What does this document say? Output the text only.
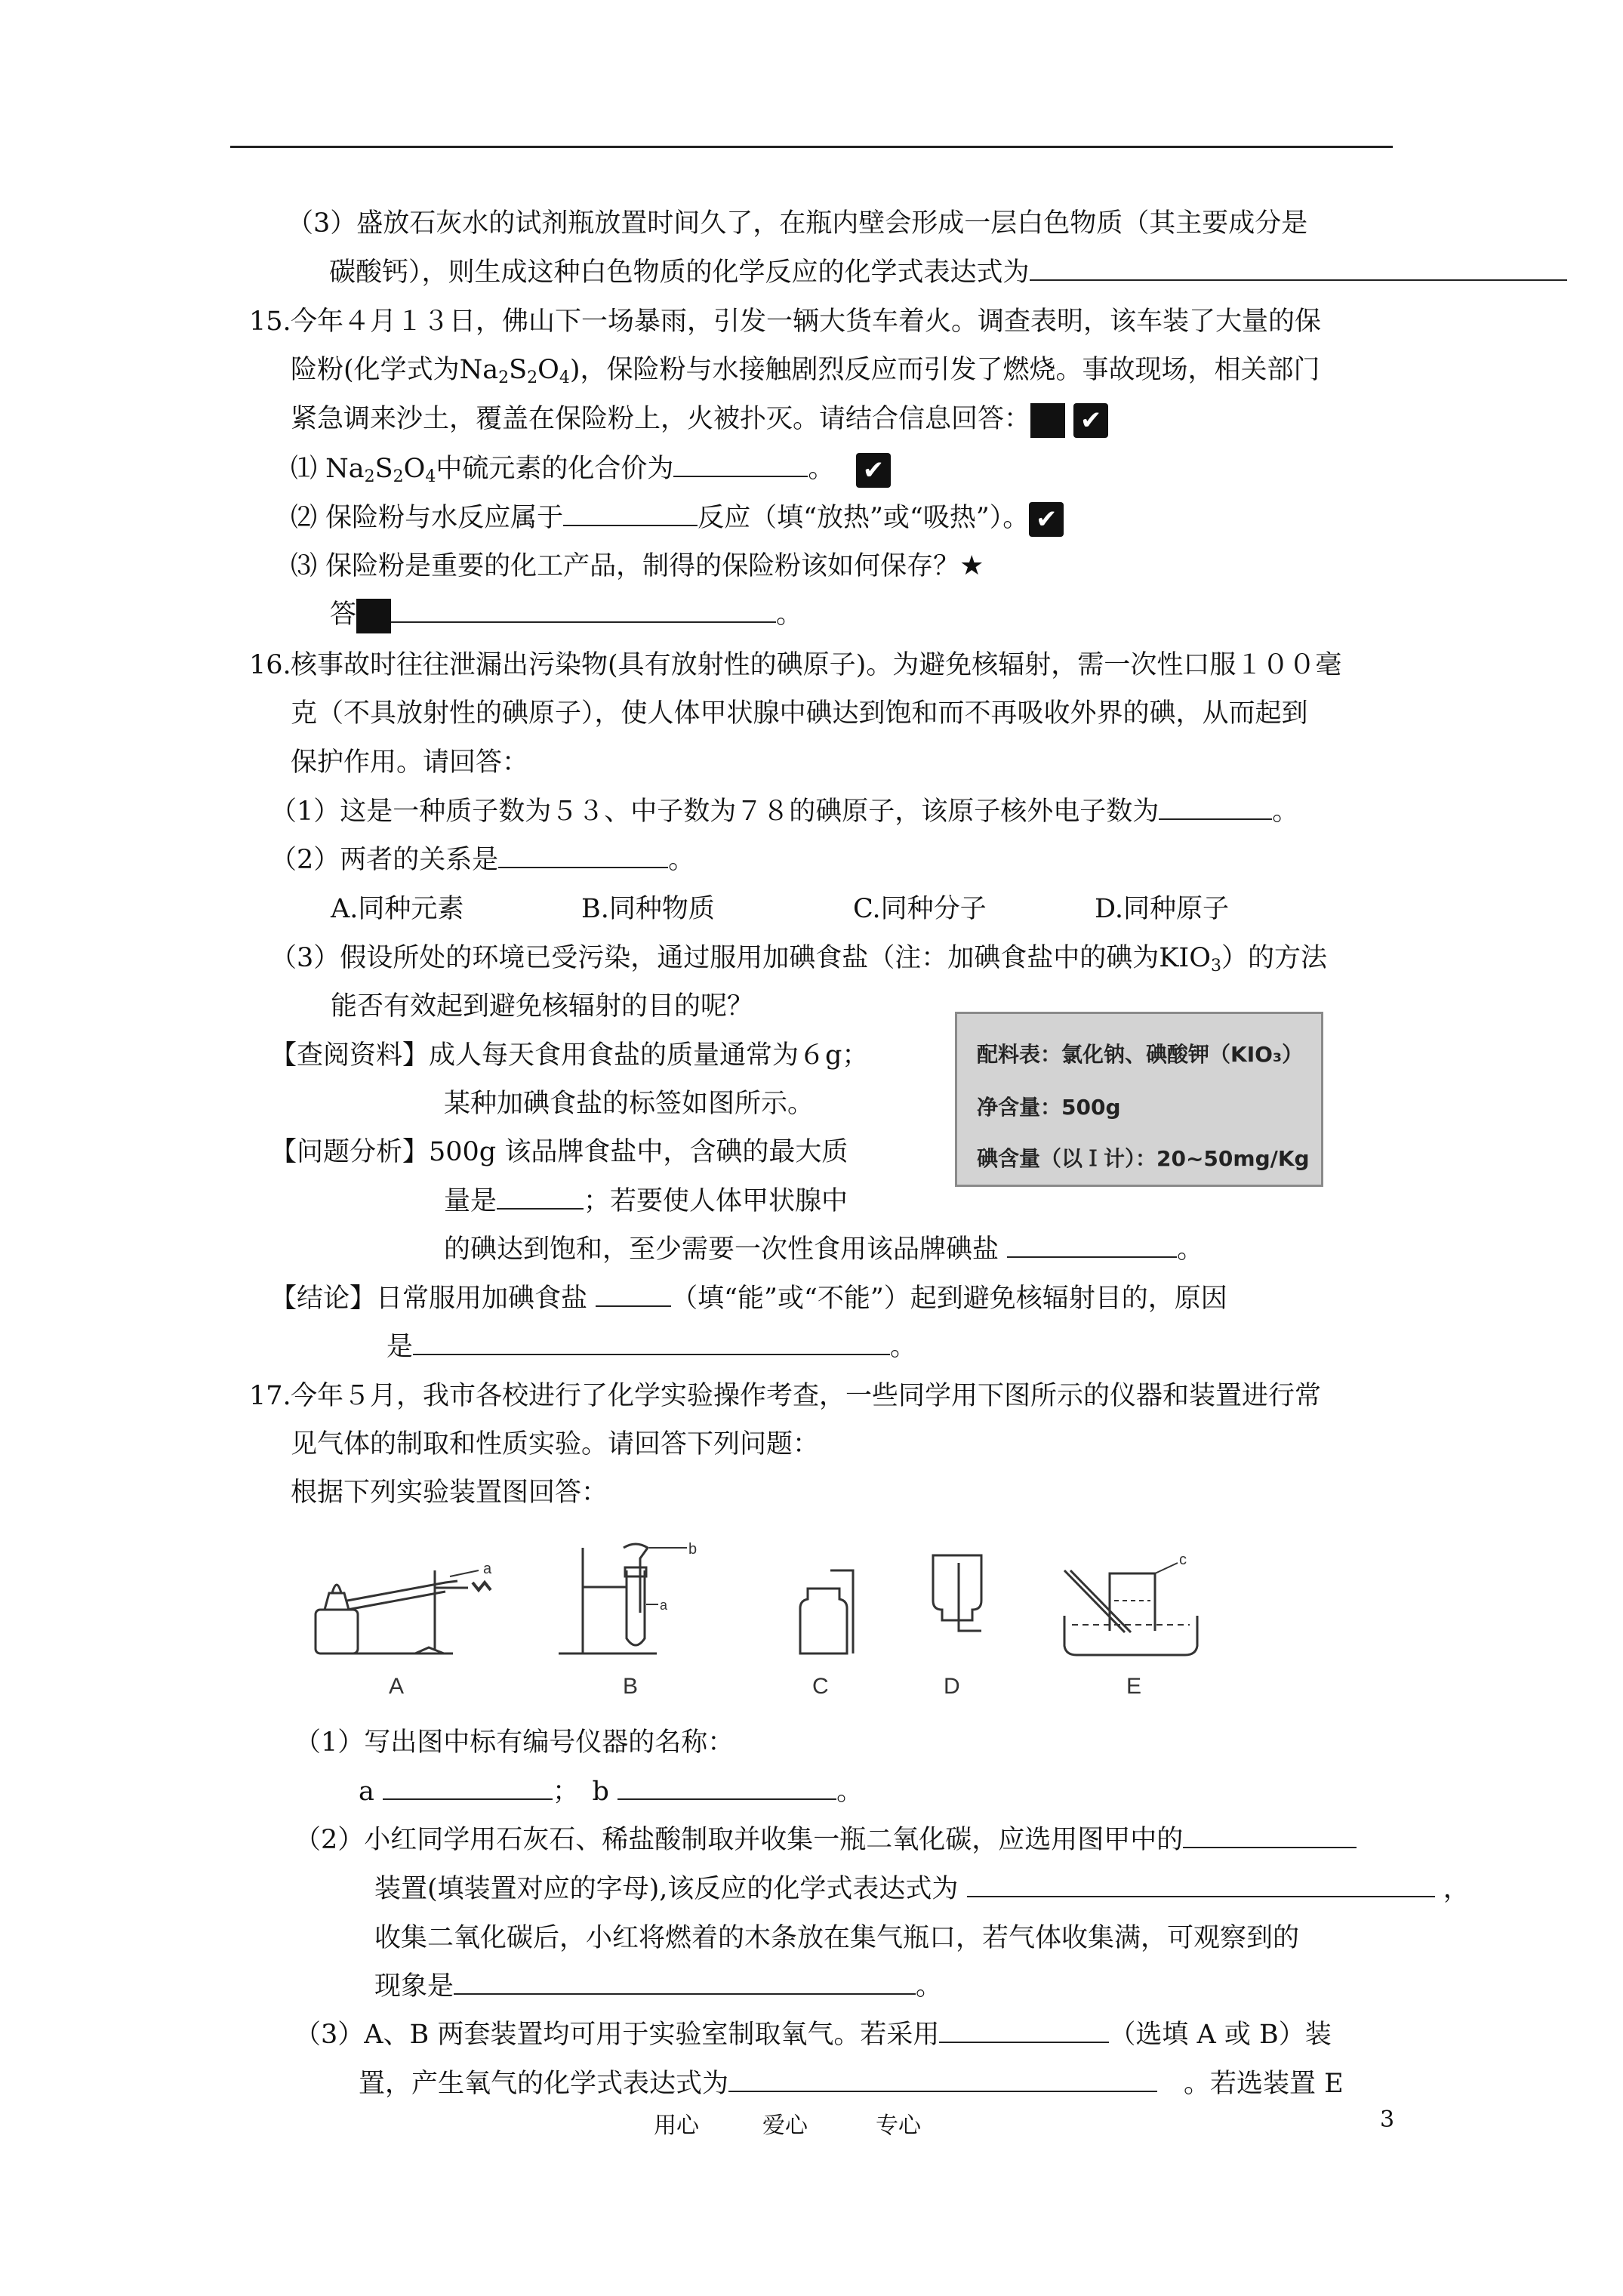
（3）盛放石灰水的试剂瓶放置时间久了，在瓶内壁会形成一层白色物质（其主要成分是
碳酸钙），则生成这种白色物质的化学反应的化学式表达式为
15. 今年４月１３日，佛山下一场暴雨，引发一辆大货车着火。调查表明，该车装了大量的保
险粉(化学式为$Na_2S_2O_4$)，保险粉与水接触剧烈反应而引发了燃烧。事故现场，相关部门
紧急调来沙土，覆盖在保险粉上，火被扑灭。请结合信息回答： ✔
⑴ $Na_2S_2O_4$中硫元素的化合价为	。　 ✔
⑵ 保险粉与水反应属于	反应（填“放热”或“吸热”）。 ✔
⑶ 保险粉是重要的化工产品，制得的保险粉该如何保存？★
答	。
16. 核事故时往往泄漏出污染物(具有放射性的碘原子)。为避免核辐射，需一次性口服１００毫
克（不具放射性的碘原子），使人体甲状腺中碘达到饱和而不再吸收外界的碘，从而起到
保护作用。请回答：
（1）这是一种质子数为５３、中子数为７８的碘原子，该原子核外电子数为	。
（2）两者的关系是	。
A.同种元素	B.同种物质	C.同种分子	D.同种原子
（3）假设所处的环境已受污染，通过服用加碘食盐（注：加碘食盐中的碘为$KIO_3$）的方法
能否有效起到避免核辐射的目的呢？
【查阅资料】成人每天食用食盐的质量通常为６g；
某种加碘食盐的标签如图所示。
【问题分析】500g 该品牌食盐中，含碘的最大质
量是	；若要使人体甲状腺中
的碘达到饱和，至少需要一次性食用该品牌碘盐	。
【结论】日常服用加碘食盐	（填“能”或“不能”）起到避免核辐射目的，原因
是	。
配料表：氯化钠、碘酸钾（KIO₃）
净含量：500g
碘含量（以Ｉ计）：20~50mg/Kg
17. 今年５月，我市各校进行了化学实验操作考查，一些同学用下图所示的仪器和装置进行常
见气体的制取和性质实验。请回答下列问题：
根据下列实验装置图回答：
a
A
b
a
B	C	D
c
E
（1）写出图中标有编号仪器的名称：
a	；　 b	。
（2）小红同学用石灰石、稀盐酸制取并收集一瓶二氧化碳，应选用图甲中的
装置(填装置对应的字母),该反应的化学式表达式为	，
收集二氧化碳后，小红将燃着的木条放在集气瓶口，若气体收集满，可观察到的
现象是	。
（3）A、B 两套装置均可用于实验室制取氧气。若采用	（选填 A 或 B）装
置，产生氧气的化学式表达式为　	。若选装置 E
用心	爱心	专心	3
